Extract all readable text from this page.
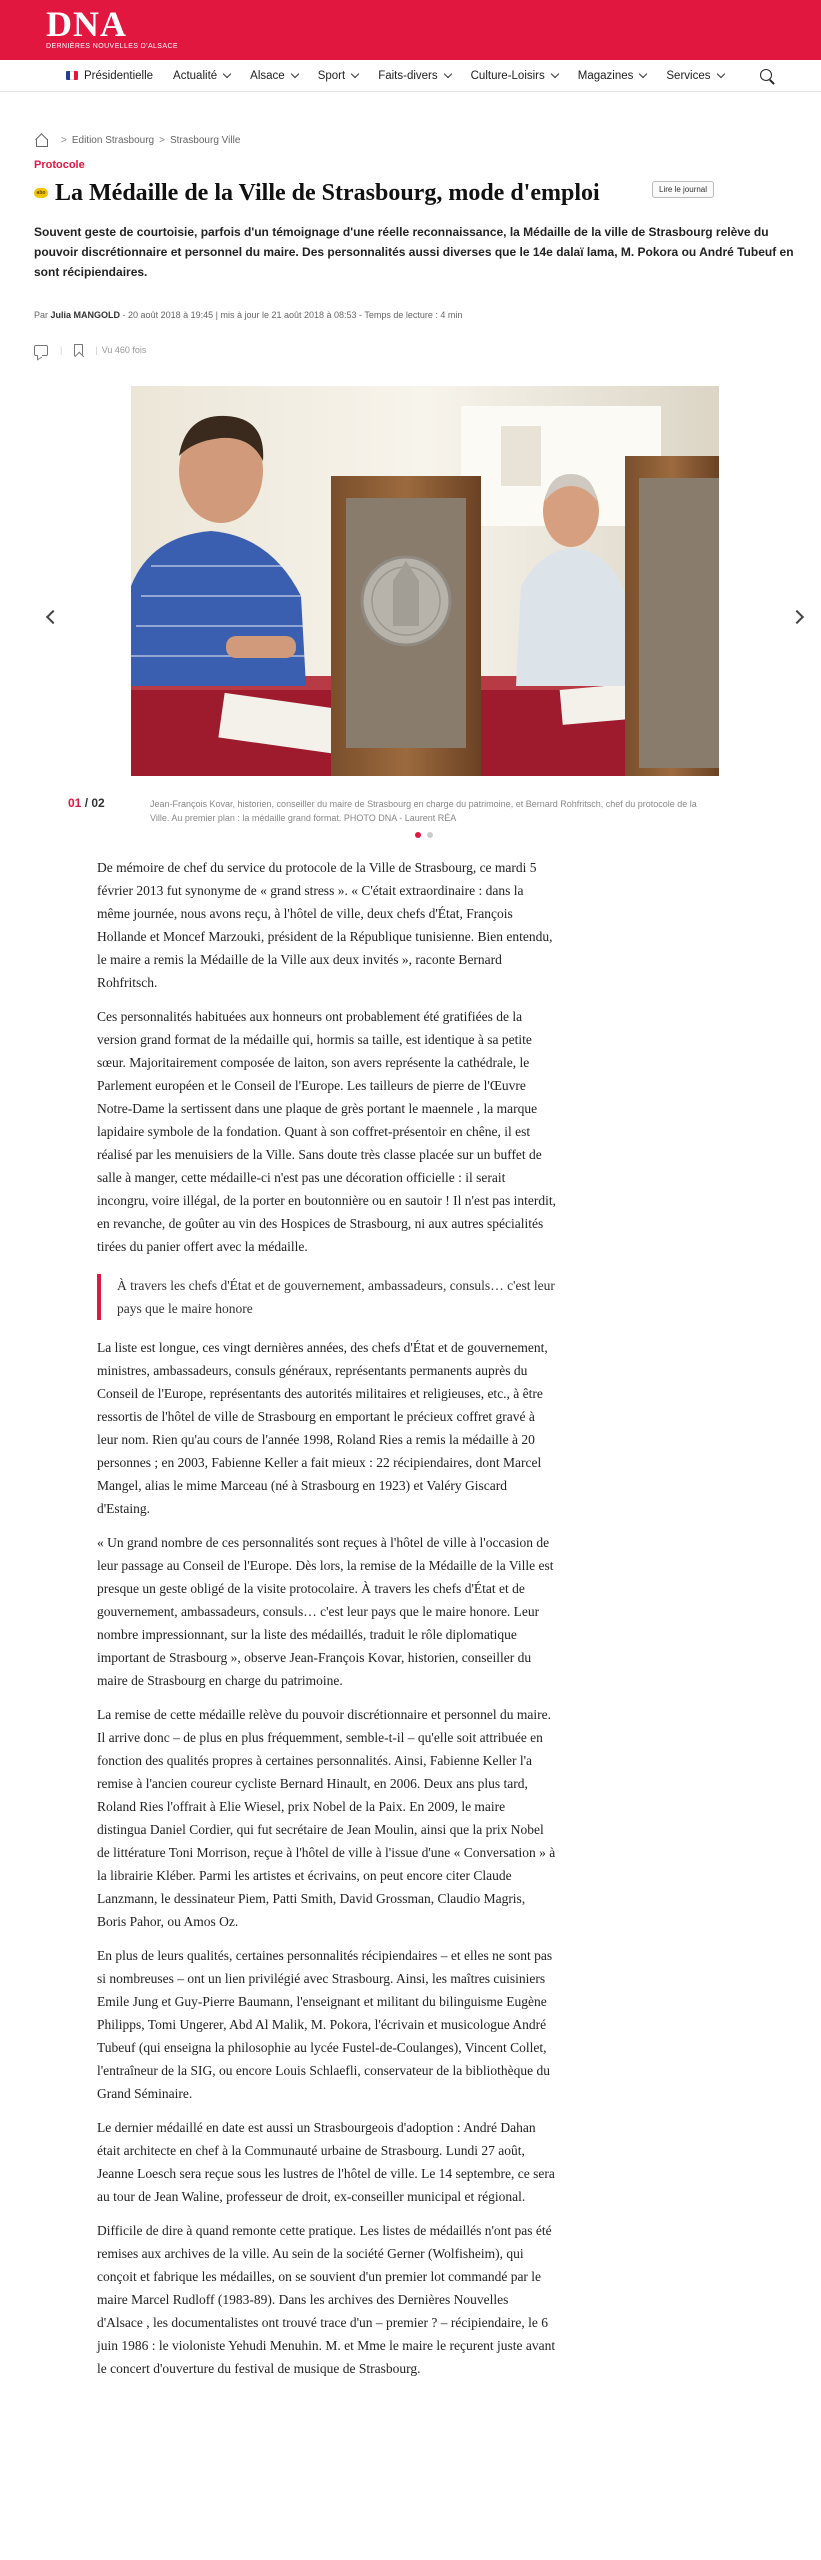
DNA
DERNIÈRES NOUVELLES D'ALSACE
Présidentielle Actualité	Alsace	Sport	Faits-divers	Culture-Loisirs	Magazines	Services
> Edition Strasbourg > Strasbourg Ville
Protocole
abo La Médaille de la Ville de Strasbourg, mode d'emploi	Lire le journal

Souvent geste de courtoisie, parfois d'un témoignage d'une réelle reconnaissance, la Médaille de la ville de Strasbourg relève du pouvoir discrétionnaire et personnel du maire. Des personnalités aussi diverses que le 14e dalaï lama, M. Pokora ou André Tubeuf en sont récipiendaires.

Par Julia MANGOLD - 20 août 2018 à 19:45 | mis à jour le 21 août 2018 à 08:53 - Temps de lecture : 4 min
|	| Vu 460 fois
01 / 02	Jean-François Kovar, historien, conseiller du maire de Strasbourg en charge du patrimoine, et Bernard Rohfritsch, chef du protocole de la Ville. Au premier plan : la médaille grand format. PHOTO DNA - Laurent RÉA

De mémoire de chef du service du protocole de la Ville de Strasbourg, ce mardi 5 février 2013 fut synonyme de « grand stress ». « C'était extraordinaire : dans la même journée, nous avons reçu, à l'hôtel de ville, deux chefs d'État, François Hollande et Moncef Marzouki, président de la République tunisienne. Bien entendu, le maire a remis la Médaille de la Ville aux deux invités », raconte Bernard Rohfritsch.

Ces personnalités habituées aux honneurs ont probablement été gratifiées de la version grand format de la médaille qui, hormis sa taille, est identique à sa petite sœur. Majoritairement composée de laiton, son avers représente la cathédrale, le Parlement européen et le Conseil de l'Europe. Les tailleurs de pierre de l'Œuvre Notre-Dame la sertissent dans une plaque de grès portant le maennele , la marque lapidaire symbole de la fondation. Quant à son coffret-présentoir en chêne, il est réalisé par les menuisiers de la Ville. Sans doute très classe placée sur un buffet de salle à manger, cette médaille-ci n'est pas une décoration officielle : il serait incongru, voire illégal, de la porter en boutonnière ou en sautoir ! Il n'est pas interdit, en revanche, de goûter au vin des Hospices de Strasbourg, ni aux autres spécialités tirées du panier offert avec la médaille.

À travers les chefs d'État et de gouvernement, ambassadeurs, consuls… c'est leur pays que le maire honore

La liste est longue, ces vingt dernières années, des chefs d'État et de gouvernement, ministres, ambassadeurs, consuls généraux, représentants permanents auprès du Conseil de l'Europe, représentants des autorités militaires et religieuses, etc., à être ressortis de l'hôtel de ville de Strasbourg en emportant le précieux coffret gravé à leur nom. Rien qu'au cours de l'année 1998, Roland Ries a remis la médaille à 20 personnes ; en 2003, Fabienne Keller a fait mieux : 22 récipiendaires, dont Marcel Mangel, alias le mime Marceau (né à Strasbourg en 1923) et Valéry Giscard d'Estaing.

« Un grand nombre de ces personnalités sont reçues à l'hôtel de ville à l'occasion de leur passage au Conseil de l'Europe. Dès lors, la remise de la Médaille de la Ville est presque un geste obligé de la visite protocolaire. À travers les chefs d'État et de gouvernement, ambassadeurs, consuls… c'est leur pays que le maire honore. Leur nombre impressionnant, sur la liste des médaillés, traduit le rôle diplomatique important de Strasbourg », observe Jean-François Kovar, historien, conseiller du maire de Strasbourg en charge du patrimoine.

La remise de cette médaille relève du pouvoir discrétionnaire et personnel du maire. Il arrive donc – de plus en plus fréquemment, semble-t-il – qu'elle soit attribuée en fonction des qualités propres à certaines personnalités. Ainsi, Fabienne Keller l'a remise à l'ancien coureur cycliste Bernard Hinault, en 2006. Deux ans plus tard, Roland Ries l'offrait à Elie Wiesel, prix Nobel de la Paix. En 2009, le maire distingua Daniel Cordier, qui fut secrétaire de Jean Moulin, ainsi que la prix Nobel de littérature Toni Morrison, reçue à l'hôtel de ville à l'issue d'une « Conversation » à la librairie Kléber. Parmi les artistes et écrivains, on peut encore citer Claude Lanzmann, le dessinateur Piem, Patti Smith, David Grossman, Claudio Magris, Boris Pahor, ou Amos Oz.

En plus de leurs qualités, certaines personnalités récipiendaires – et elles ne sont pas si nombreuses – ont un lien privilégié avec Strasbourg. Ainsi, les maîtres cuisiniers Emile Jung et Guy-Pierre Baumann, l'enseignant et militant du bilinguisme Eugène Philipps, Tomi Ungerer, Abd Al Malik, M. Pokora, l'écrivain et musicologue André Tubeuf (qui enseigna la philosophie au lycée Fustel-de-Coulanges), Vincent Collet, l'entraîneur de la SIG, ou encore Louis Schlaefli, conservateur de la bibliothèque du Grand Séminaire.

Le dernier médaillé en date est aussi un Strasbourgeois d'adoption : André Dahan était architecte en chef à la Communauté urbaine de Strasbourg. Lundi 27 août, Jeanne Loesch sera reçue sous les lustres de l'hôtel de ville. Le 14 septembre, ce sera au tour de Jean Waline, professeur de droit, ex-conseiller municipal et régional.

Difficile de dire à quand remonte cette pratique. Les listes de médaillés n'ont pas été remises aux archives de la ville. Au sein de la société Gerner (Wolfisheim), qui conçoit et fabrique les médailles, on se souvient d'un premier lot commandé par le maire Marcel Rudloff (1983-89). Dans les archives des Dernières Nouvelles d'Alsace , les documentalistes ont trouvé trace d'un – premier ? – récipiendaire, le 6 juin 1986 : le violoniste Yehudi Menuhin. M. et Mme le maire le reçurent juste avant le concert d'ouverture du festival de musique de Strasbourg.
